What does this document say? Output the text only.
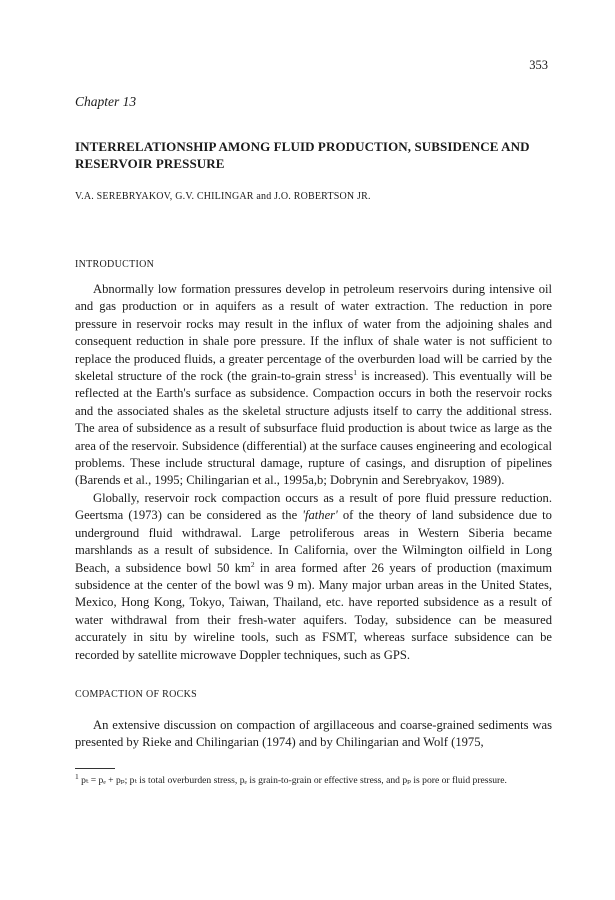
353
Chapter 13
INTERRELATIONSHIP AMONG FLUID PRODUCTION, SUBSIDENCE AND RESERVOIR PRESSURE
V.A. SEREBRYAKOV, G.V. CHILINGAR and J.O. ROBERTSON JR.
INTRODUCTION

Abnormally low formation pressures develop in petroleum reservoirs during intensive oil and gas production or in aquifers as a result of water extraction. The reduction in pore pressure in reservoir rocks may result in the influx of water from the adjoining shales and consequent reduction in shale pore pressure. If the influx of shale water is not sufficient to replace the produced fluids, a greater percentage of the overburden load will be carried by the skeletal structure of the rock (the grain-to-grain stress$^1$ is increased). This eventually will be reflected at the Earth's surface as subsidence. Compaction occurs in both the reservoir rocks and the associated shales as the skeletal structure adjusts itself to carry the additional stress. The area of subsidence as a result of subsurface fluid production is about twice as large as the area of the reservoir. Subsidence (differential) at the surface causes engineering and ecological problems. These include structural damage, rupture of casings, and disruption of pipelines (Barends et al., 1995; Chilingarian et al., 1995a,b; Dobrynin and Serebryakov, 1989).

Globally, reservoir rock compaction occurs as a result of pore fluid pressure reduction. Geertsma (1973) can be considered as the 'father' of the theory of land subsidence due to underground fluid withdrawal. Large petroliferous areas in Western Siberia became marshlands as a result of subsidence. In California, over the Wilmington oilfield in Long Beach, a subsidence bowl 50 $km^2$ in area formed after 26 years of production (maximum subsidence at the center of the bowl was 9 m). Many major urban areas in the United States, Mexico, Hong Kong, Tokyo, Taiwan, Thailand, etc. have reported subsidence as a result of water withdrawal from their fresh-water aquifers. Today, subsidence can be measured accurately in situ by wireline tools, such as FSMT, whereas surface subsidence can be recorded by satellite microwave Doppler techniques, such as GPS.

COMPACTION OF ROCKS

An extensive discussion on compaction of argillaceous and coarse-grained sediments was presented by Rieke and Chilingarian (1974) and by Chilingarian and Wolf (1975,

$^1$ pₜ = pₑ + pₚ; pₜ is total overburden stress, pₑ is grain-to-grain or effective stress, and pₚ is pore or fluid pressure.
